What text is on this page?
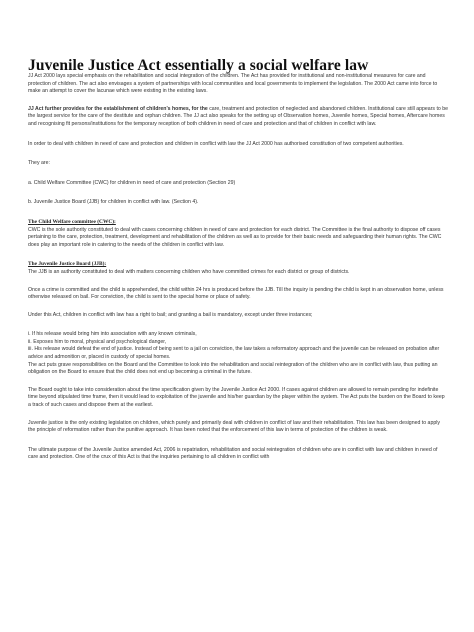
Juvenile Justice Act essentially a social welfare law

JJ Act 2000 lays special emphasis on the rehabilitation and social integration of the children. The Act has provided for institutional and non-institutional measures for care and protection of children. The act also envisages a system of partnerships with local communities and local governments to implement the legislation. The 2000 Act came into force to make an attempt to cover the lacunae which were existing in the existing laws.

JJ Act further provides for the establishment of children's homes, for the care, treatment and protection of neglected and abandoned children. Institutional care still appears to be the largest service for the care of the destitute and orphan children. The JJ act also speaks for the setting up of Observation homes, Juvenile homes, Special homes, Aftercare homes and recognising fit persons/institutions for the temporary reception of both children in need of care and protection and that of children in conflict with law.

In order to deal with children in need of care and protection and children in conflict with law the JJ Act 2000 has authorised constitution of two competent authorities.

They are:

a. Child Welfare Committee (CWC) for children in need of care and protection (Section 29)

b. Juvenile Justice Board (JJB) for children in conflict with law. (Section 4).

The Child Welfare committee (CWC):

CWC is the sole authority constituted to deal with cases concerning children in need of care and protection for each district. The Committee is the final authority to dispose off cases pertaining to the care, protection, treatment, development and rehabilitation of the children as well as to provide for their basic needs and safeguarding their human rights. The CWC does play an important role in catering to the needs of the children in conflict with law.

The Juvenile Justice Board (JJB):

The JJB is an authority constituted to deal with matters concerning children who have committed crimes for each district or group of districts.

Once a crime is committed and the child is apprehended, the child within 24 hrs is produced before the JJB. Till the inquiry is pending the child is kept in an observation home, unless otherwise released on bail. For conviction, the child is sent to the special home or place of safety.

Under this Act, children in conflict with law has a right to bail; and granting a bail is mandatory, except under three instances;

i. If his release would bring him into association with any known criminals,

ii. Exposes him to moral, physical and psychological danger,

iii. His release would defeat the end of justice. Instead of being sent to a jail on conviction, the law takes a reformatory approach and the juvenile can be released on probation after advice and admonition or, placed in custody of special homes.

The act puts grave responsibilities on the Board and the Committee to look into the rehabilitation and social reintegration of the children who are in conflict with law, thus putting an obligation on the Board to ensure that the child does not end up becoming a criminal in the future.

The Board ought to take into consideration about the time specification given by the Juvenile Justice Act 2000. If cases against children are allowed to remain pending for indefinite time beyond stipulated time frame, then it would lead to exploitation of the juvenile and his/her guardian by the player within the system. The Act puts the burden on the Board to keep a track of such cases and dispose them at the earliest.

Juvenile justice is the only existing legislation on children, which purely and primarily deal with children in conflict of law and their rehabilitation. This law has been designed to apply the principle of reformation rather than the punitive approach. It has been noted that the enforcement of this law in terms of protection of the children is weak.

The ultimate purpose of the Juvenile Justice amended Act, 2006 is repatriation, rehabilitation and social reintegration of children who are in conflict with law and children in need of care and protection. One of the crux of this Act is that the inquiries pertaining to all children in conflict with
